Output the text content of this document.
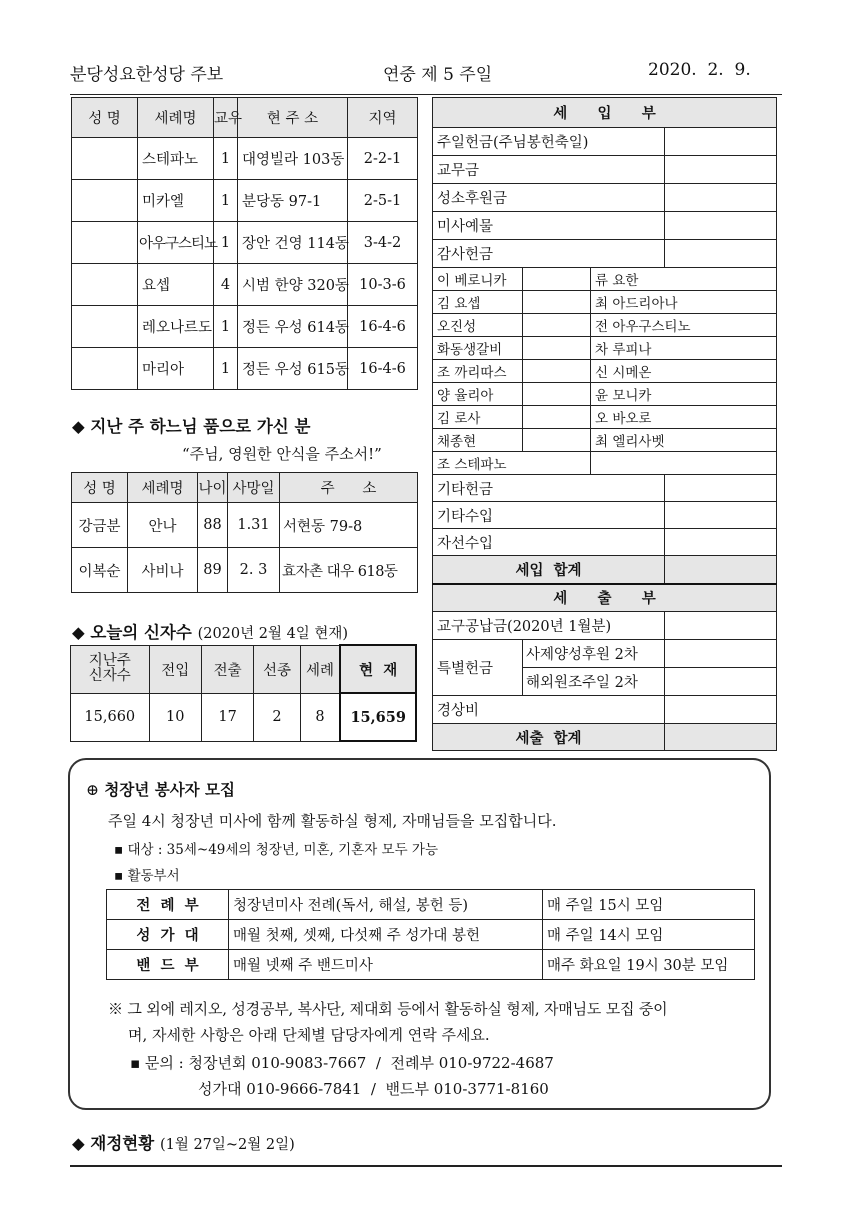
분당성요한성당 주보	연중 제 5 주일	2020.  2.  9.
성 명	세례명	교우	현 주 소	지역
	스테파노	1	대영빌라 103동	2-2-1
	미카엘	1	분당동 97-1	2-5-1
	아우구스티노	1	장안 건영 114동	3-4-2
	요셉	4	시범 한양 320동	10-3-6
	레오나르도	1	정든 우성 614동	16-4-6
	마리아	1	정든 우성 615동	16-4-6
◆ 지난 주 하느님 품으로 가신 분
“주님, 영원한 안식을 주소서!”
성 명	세례명	나이	사망일	주      소
강금분	안나	88	1.31	서현동 79-8
이복순	사비나	89	2. 3	효자촌 대우 618동
◆ 오늘의 신자수 (2020년 2월 4일 현재)
지난주
신자수	전입	전출	선종	세례	현  재
15,660	10	17	2	8	15,659
세      입      부			
주일헌금(주님봉헌축일)			
교무금			
성소후원금			
미사예물			
감사헌금			
이 베로니카		류 요한	
김 요셉		최 아드리아나	
오진성		전 아우구스티노	
화동생갈비		차 루피나	
조 까리따스		신 시메온	
양 율리아		윤 모니카	
김 로사		오 바오로	
채종현		최 엘리사벳	
조 스테파노			
기타헌금			
기타수입			
자선수입			
세입  합계			
세      출      부			
교구공납금(2020년 1월분)			
특별헌금	사제양성후원 2차		
	해외원조주일 2차		
경상비			
세출  합계			
⊕ 청장년 봉사자 모집
주일 4시 청장년 미사에 함께 활동하실 형제, 자매님들을 모집합니다.
▪ 대상 : 35세~49세의 청장년, 미혼, 기혼자 모두 가능
▪ 활동부서
전  례  부	청장년미사 전례(독서, 해설, 봉헌 등)	매 주일 15시 모임
성  가  대	매월 첫째, 셋째, 다섯째 주 성가대 봉헌	매 주일 14시 모임
밴  드  부	매월 넷째 주 밴드미사	매주 화요일 19시 30분 모임
※ 그 외에 레지오, 성경공부, 복사단, 제대회 등에서 활동하실 형제, 자매님도 모집 중이
며, 자세한 사항은 아래 단체별 담당자에게 연락 주세요.
▪ 문의 : 청장년회 010-9083-7667  /  전례부 010-9722-4687
성가대 010-9666-7841  /  밴드부 010-3771-8160
◆ 재정현황 (1월 27일~2월 2일)
